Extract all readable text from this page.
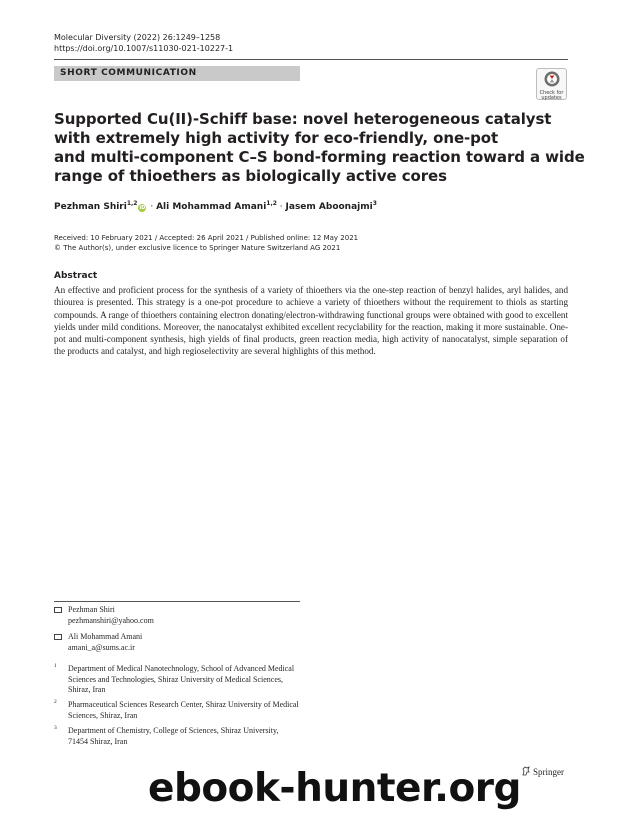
Molecular Diversity (2022) 26:1249–1258
https://doi.org/10.1007/s11030-021-10227-1
SHORT COMMUNICATION
Check for
updates
Supported Cu(II)-Schiff base: novel heterogeneous catalyst
with extremely high activity for eco-friendly, one-pot
and multi-component C–S bond-forming reaction toward a wide
range of thioethers as biologically active cores
Pezhman Shiri$^{1,2}$iD · Ali Mohammad Amani$^{1,2}$ · Jasem Aboonajmi$^3$
Received: 10 February 2021 / Accepted: 26 April 2021 / Published online: 12 May 2021
© The Author(s), under exclusive licence to Springer Nature Switzerland AG 2021
Abstract
An effective and proficient process for the synthesis of a variety of thioethers via the one-step reaction of benzyl halides, aryl halides, and thiourea is presented. This strategy is a one-pot procedure to achieve a variety of thioethers without the requirement to thiols as starting compounds. A range of thioethers containing electron donating/electron-withdrawing functional groups were obtained with good to excellent yields under mild conditions. Moreover, the nanocatalyst exhibited excellent recyclability for the reaction, making it more sustainable. One-pot and multi-component synthesis, high yields of final products, green reaction media, high activity of nanocatalyst, simple separation of the products and catalyst, and high regioselectivity are several highlights of this method.
Pezhman Shiri
pezhmanshiri@yahoo.com
Ali Mohammad Amani
amani_a@sums.ac.ir
1 Department of Medical Nanotechnology, School of Advanced Medical Sciences and Technologies, Shiraz University of Medical Sciences, Shiraz, Iran
2 Pharmaceutical Sciences Research Center, Shiraz University of Medical Sciences, Shiraz, Iran
3 Department of Chemistry, College of Sciences, Shiraz University, 71454 Shiraz, Iran
Springer
ebook-hunter.org
